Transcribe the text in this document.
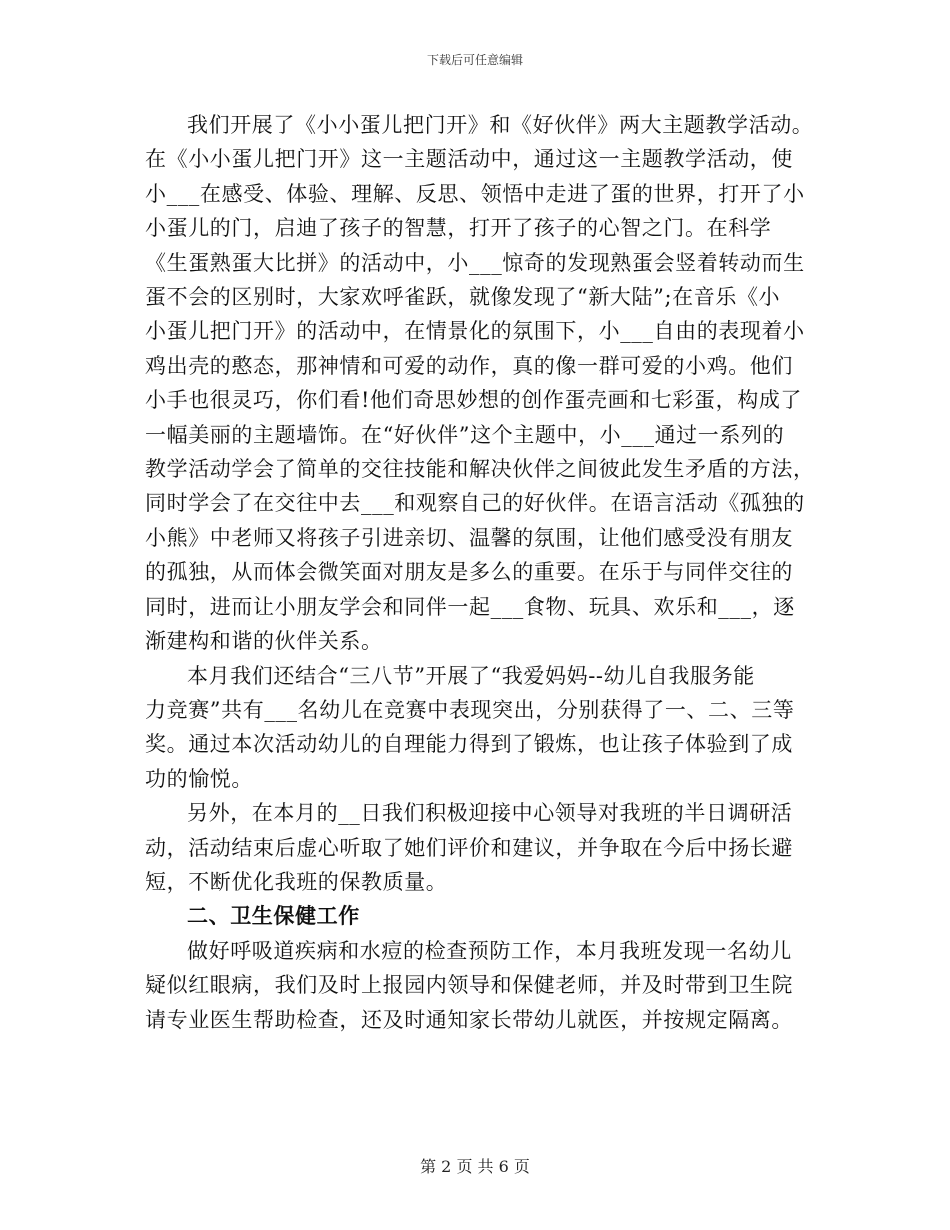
下载后可任意编辑

我们开展了《小小蛋儿把门开》和《好伙伴》两大主题教学活动。
在《小小蛋儿把门开》这一主题活动中，通过这一主题教学活动，使
小___在感受、体验、理解、反思、领悟中走进了蛋的世界，打开了小
小蛋儿的门，启迪了孩子的智慧，打开了孩子的心智之门。在科学
《生蛋熟蛋大比拼》的活动中，小___惊奇的发现熟蛋会竖着转动而生
蛋不会的区别时，大家欢呼雀跃，就像发现了“新大陆”;在音乐《小
小蛋儿把门开》的活动中，在情景化的氛围下，小___自由的表现着小
鸡出壳的憨态，那神情和可爱的动作，真的像一群可爱的小鸡。他们
小手也很灵巧，你们看!他们奇思妙想的创作蛋壳画和七彩蛋，构成了
一幅美丽的主题墙饰。在“好伙伴”这个主题中，小___通过一系列的
教学活动学会了简单的交往技能和解决伙伴之间彼此发生矛盾的方法，
同时学会了在交往中去___和观察自己的好伙伴。在语言活动《孤独的
小熊》中老师又将孩子引进亲切、温馨的氛围，让他们感受没有朋友
的孤独，从而体会微笑面对朋友是多么的重要。在乐于与同伴交往的
同时，进而让小朋友学会和同伴一起___食物、玩具、欢乐和___，逐
渐建构和谐的伙伴关系。

本月我们还结合“三八节”开展了“我爱妈妈--幼儿自我服务能
力竞赛”共有___名幼儿在竞赛中表现突出，分别获得了一、二、三等
奖。通过本次活动幼儿的自理能力得到了锻炼，也让孩子体验到了成
功的愉悦。

另外，在本月的__日我们积极迎接中心领导对我班的半日调研活
动，活动结束后虚心听取了她们评价和建议，并争取在今后中扬长避
短，不断优化我班的保教质量。

二、卫生保健工作

做好呼吸道疾病和水痘的检查预防工作，本月我班发现一名幼儿
疑似红眼病，我们及时上报园内领导和保健老师，并及时带到卫生院
请专业医生帮助检查，还及时通知家长带幼儿就医，并按规定隔离。

第 2 页 共 6 页
